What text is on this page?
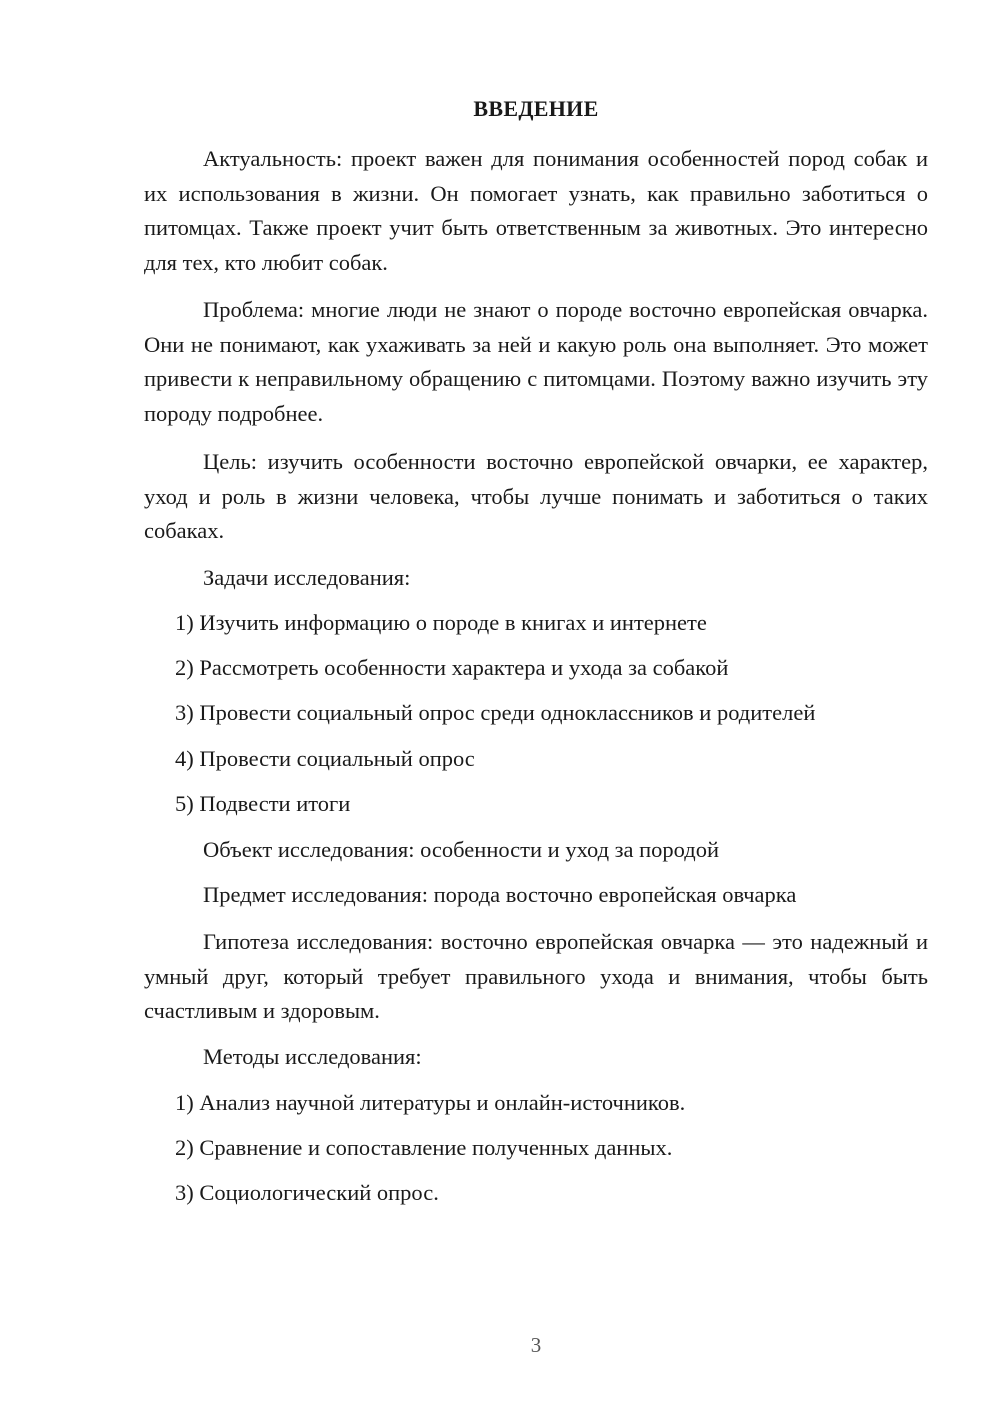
ВВЕДЕНИЕ

Актуальность: проект важен для понимания особенностей пород собак и их использования в жизни. Он помогает узнать, как правильно заботиться о питомцах. Также проект учит быть ответственным за животных. Это интересно для тех, кто любит собак.

Проблема: многие люди не знают о породе восточно европейская овчарка. Они не понимают, как ухаживать за ней и какую роль она выполняет. Это может привести к неправильному обращению с питомцами. Поэтому важно изучить эту породу подробнее.

Цель: изучить особенности восточно европейской овчарки, ее характер, уход и роль в жизни человека, чтобы лучше понимать и заботиться о таких собаках.

Задачи исследования:

1) Изучить информацию о породе в книгах и интернете

2) Рассмотреть особенности характера и ухода за собакой

3) Провести социальный опрос среди одноклассников и родителей

4) Провести социальный опрос

5) Подвести итоги

Объект исследования: особенности и уход за породой

Предмет исследования: порода восточно европейская овчарка

Гипотеза исследования: восточно европейская овчарка — это надежный и умный друг, который требует правильного ухода и внимания, чтобы быть счастливым и здоровым.

Методы исследования:

1) Анализ научной литературы и онлайн-источников.

2) Сравнение и сопоставление полученных данных.

3) Социологический опрос.

3
